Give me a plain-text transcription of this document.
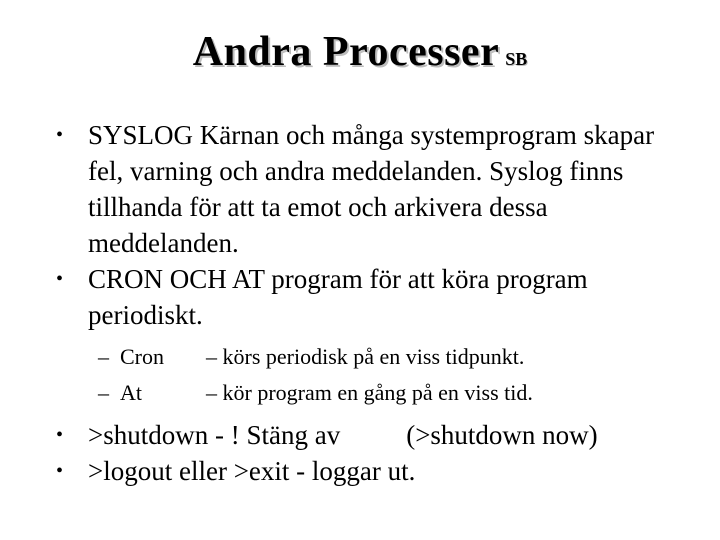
Andra Processer SB
• SYSLOG Kärnan och många systemprogram skapar fel, varning och andra meddelanden. Syslog finns tillhanda för att ta emot och arkivera dessa meddelanden.
• CRON OCH AT program för att köra program periodiskt.
– Cron – körs periodisk på en viss tidpunkt.
– At	– kör program en gång på en viss tid.
• >shutdown - ! Stäng av (>shutdown now)
• >logout eller >exit - loggar ut.
